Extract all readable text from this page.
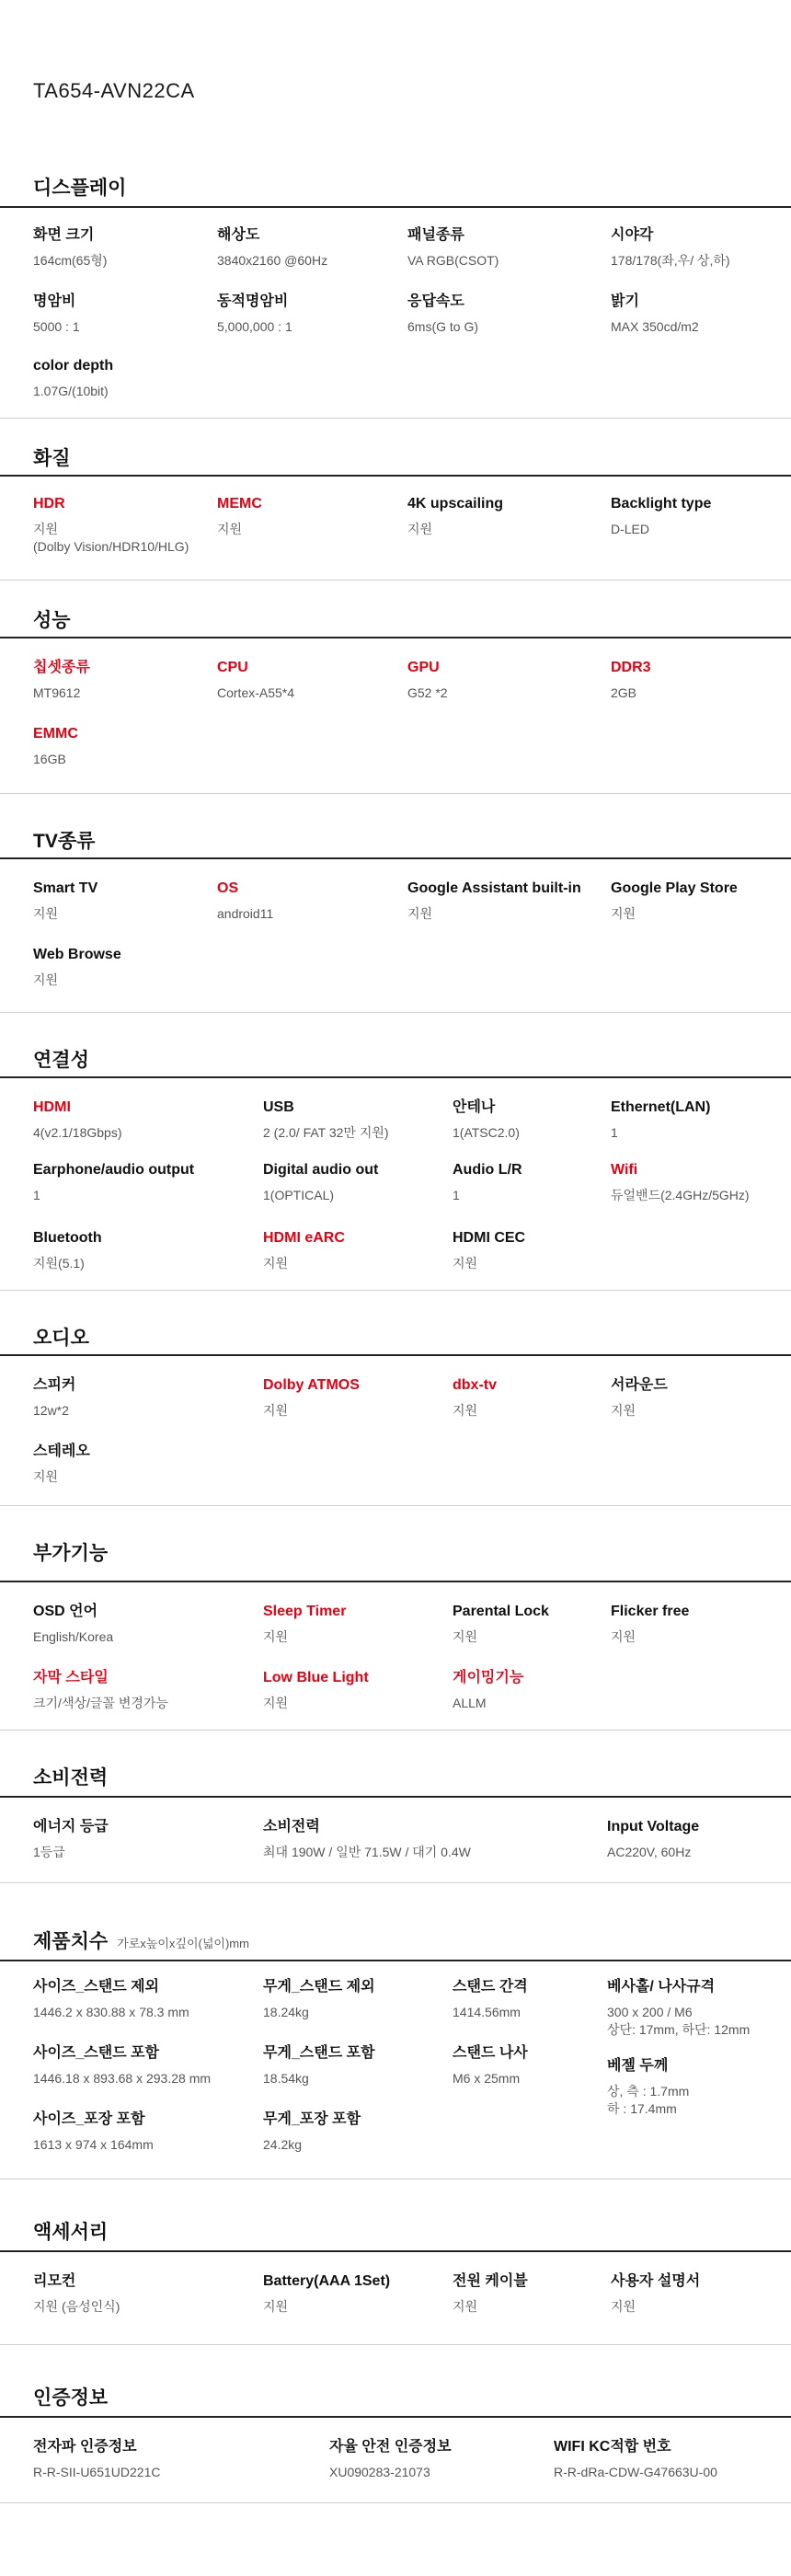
TA654-AVN22CA
디스플레이
화면 크기
164cm(65형)
해상도
3840x2160 @60Hz
패널종류
VA RGB(CSOT)
시야각
178/178(좌,우/ 상,하)
명암비
5000 : 1
동적명암비
5,000,000 : 1
응답속도
6ms(G to G)
밝기
MAX 350cd/m2
color depth
1.07G/(10bit)
화질
HDR
지원
(Dolby Vision/HDR10/HLG)
MEMC
지원
4K upscailing
지원
Backlight type
D-LED
성능
칩셋종류
MT9612
CPU
Cortex-A55*4
GPU
G52 *2
DDR3
2GB
EMMC
16GB
TV종류
Smart TV
지원
OS
android11
Google Assistant built-in
지원
Google Play Store
지원
Web Browse
지원
연결성
HDMI
4(v2.1/18Gbps)
USB
2 (2.0/ FAT 32만 지원)
안테나
1(ATSC2.0)
Ethernet(LAN)
1
Earphone/audio output
1
Digital audio out
1(OPTICAL)
Audio L/R
1
Wifi
듀얼밴드(2.4GHz/5GHz)
Bluetooth
지원(5.1)
HDMI eARC
지원
HDMI CEC
지원
오디오
스피커
12w*2
Dolby ATMOS
지원
dbx-tv
지원
서라운드
지원
스테레오
지원
부가기능
OSD 언어
English/Korea
Sleep Timer
지원
Parental Lock
지원
Flicker free
지원
자막 스타일
크기/색상/글꼴 변경가능
Low Blue Light
지원
게이밍기능
ALLM
소비전력
에너지 등급
1등급
소비전력
최대 190W / 일반 71.5W / 대기 0.4W
Input Voltage
AC220V, 60Hz
제품치수 가로x높이x깊이(넓이)mm
사이즈_스탠드 제외
1446.2 x 830.88 x 78.3 mm
무게_스탠드 제외
18.24kg
스탠드 간격
1414.56mm
베사홀/ 나사규격
300 x 200 / M6
상단: 17mm, 하단: 12mm
사이즈_스탠드 포함
1446.18 x 893.68 x 293.28 mm
무게_스탠드 포함
18.54kg
스탠드 나사
M6 x 25mm
베젤 두께
상, 측 : 1.7mm
하 : 17.4mm
사이즈_포장 포함
1613 x 974 x 164mm
무게_포장 포함
24.2kg
액세서리
리모컨
지원 (음성인식)
Battery(AAA 1Set)
지원
전원 케이블
지원
사용자 설명서
지원
인증정보
전자파 인증정보
R-R-SII-U651UD221C
자율 안전 인증정보
XU090283-21073
WIFI KC적합 번호
R-R-dRa-CDW-G47663U-00
